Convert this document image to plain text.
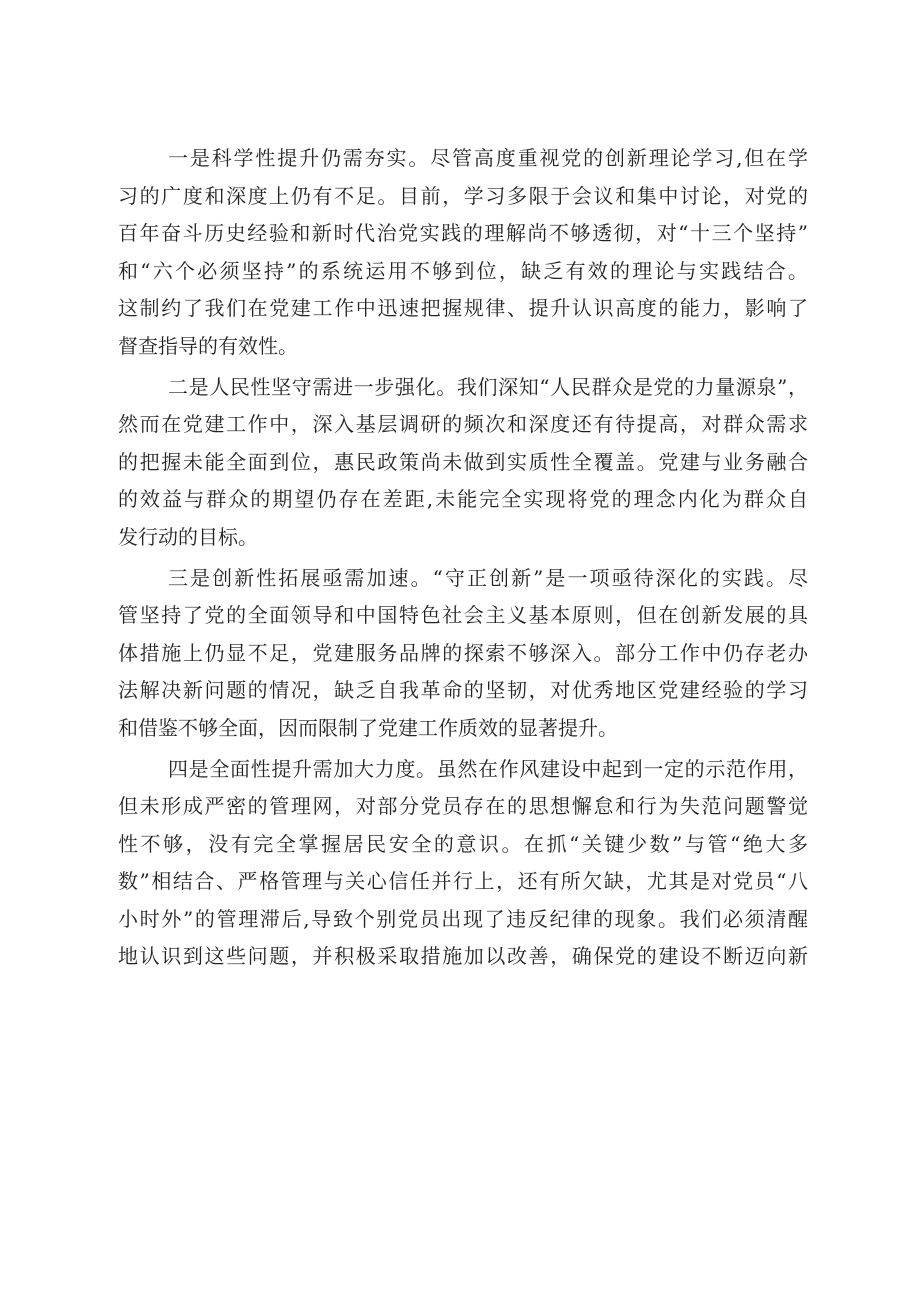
一是科学性提升仍需夯实。尽管高度重视党的创新理论学习,但在学
习的广度和深度上仍有不足。目前，学习多限于会议和集中讨论，对党的
百年奋斗历史经验和新时代治党实践的理解尚不够透彻，对“十三个坚持”
和“六个必须坚持”的系统运用不够到位，缺乏有效的理论与实践结合。
这制约了我们在党建工作中迅速把握规律、提升认识高度的能力，影响了
督查指导的有效性。
二是人民性坚守需进一步强化。我们深知“人民群众是党的力量源泉”，
然而在党建工作中，深入基层调研的频次和深度还有待提高，对群众需求
的把握未能全面到位，惠民政策尚未做到实质性全覆盖。党建与业务融合
的效益与群众的期望仍存在差距,未能完全实现将党的理念内化为群众自
发行动的目标。
三是创新性拓展亟需加速。“守正创新”是一项亟待深化的实践。尽
管坚持了党的全面领导和中国特色社会主义基本原则，但在创新发展的具
体措施上仍显不足，党建服务品牌的探索不够深入。部分工作中仍存老办
法解决新问题的情况，缺乏自我革命的坚韧，对优秀地区党建经验的学习
和借鉴不够全面，因而限制了党建工作质效的显著提升。
四是全面性提升需加大力度。虽然在作风建设中起到一定的示范作用，
但未形成严密的管理网，对部分党员存在的思想懈怠和行为失范问题警觉
性不够，没有完全掌握居民安全的意识。在抓“关键少数”与管“绝大多
数”相结合、严格管理与关心信任并行上，还有所欠缺，尤其是对党员“八
小时外”的管理滞后,导致个别党员出现了违反纪律的现象。我们必须清醒
地认识到这些问题，并积极采取措施加以改善，确保党的建设不断迈向新
